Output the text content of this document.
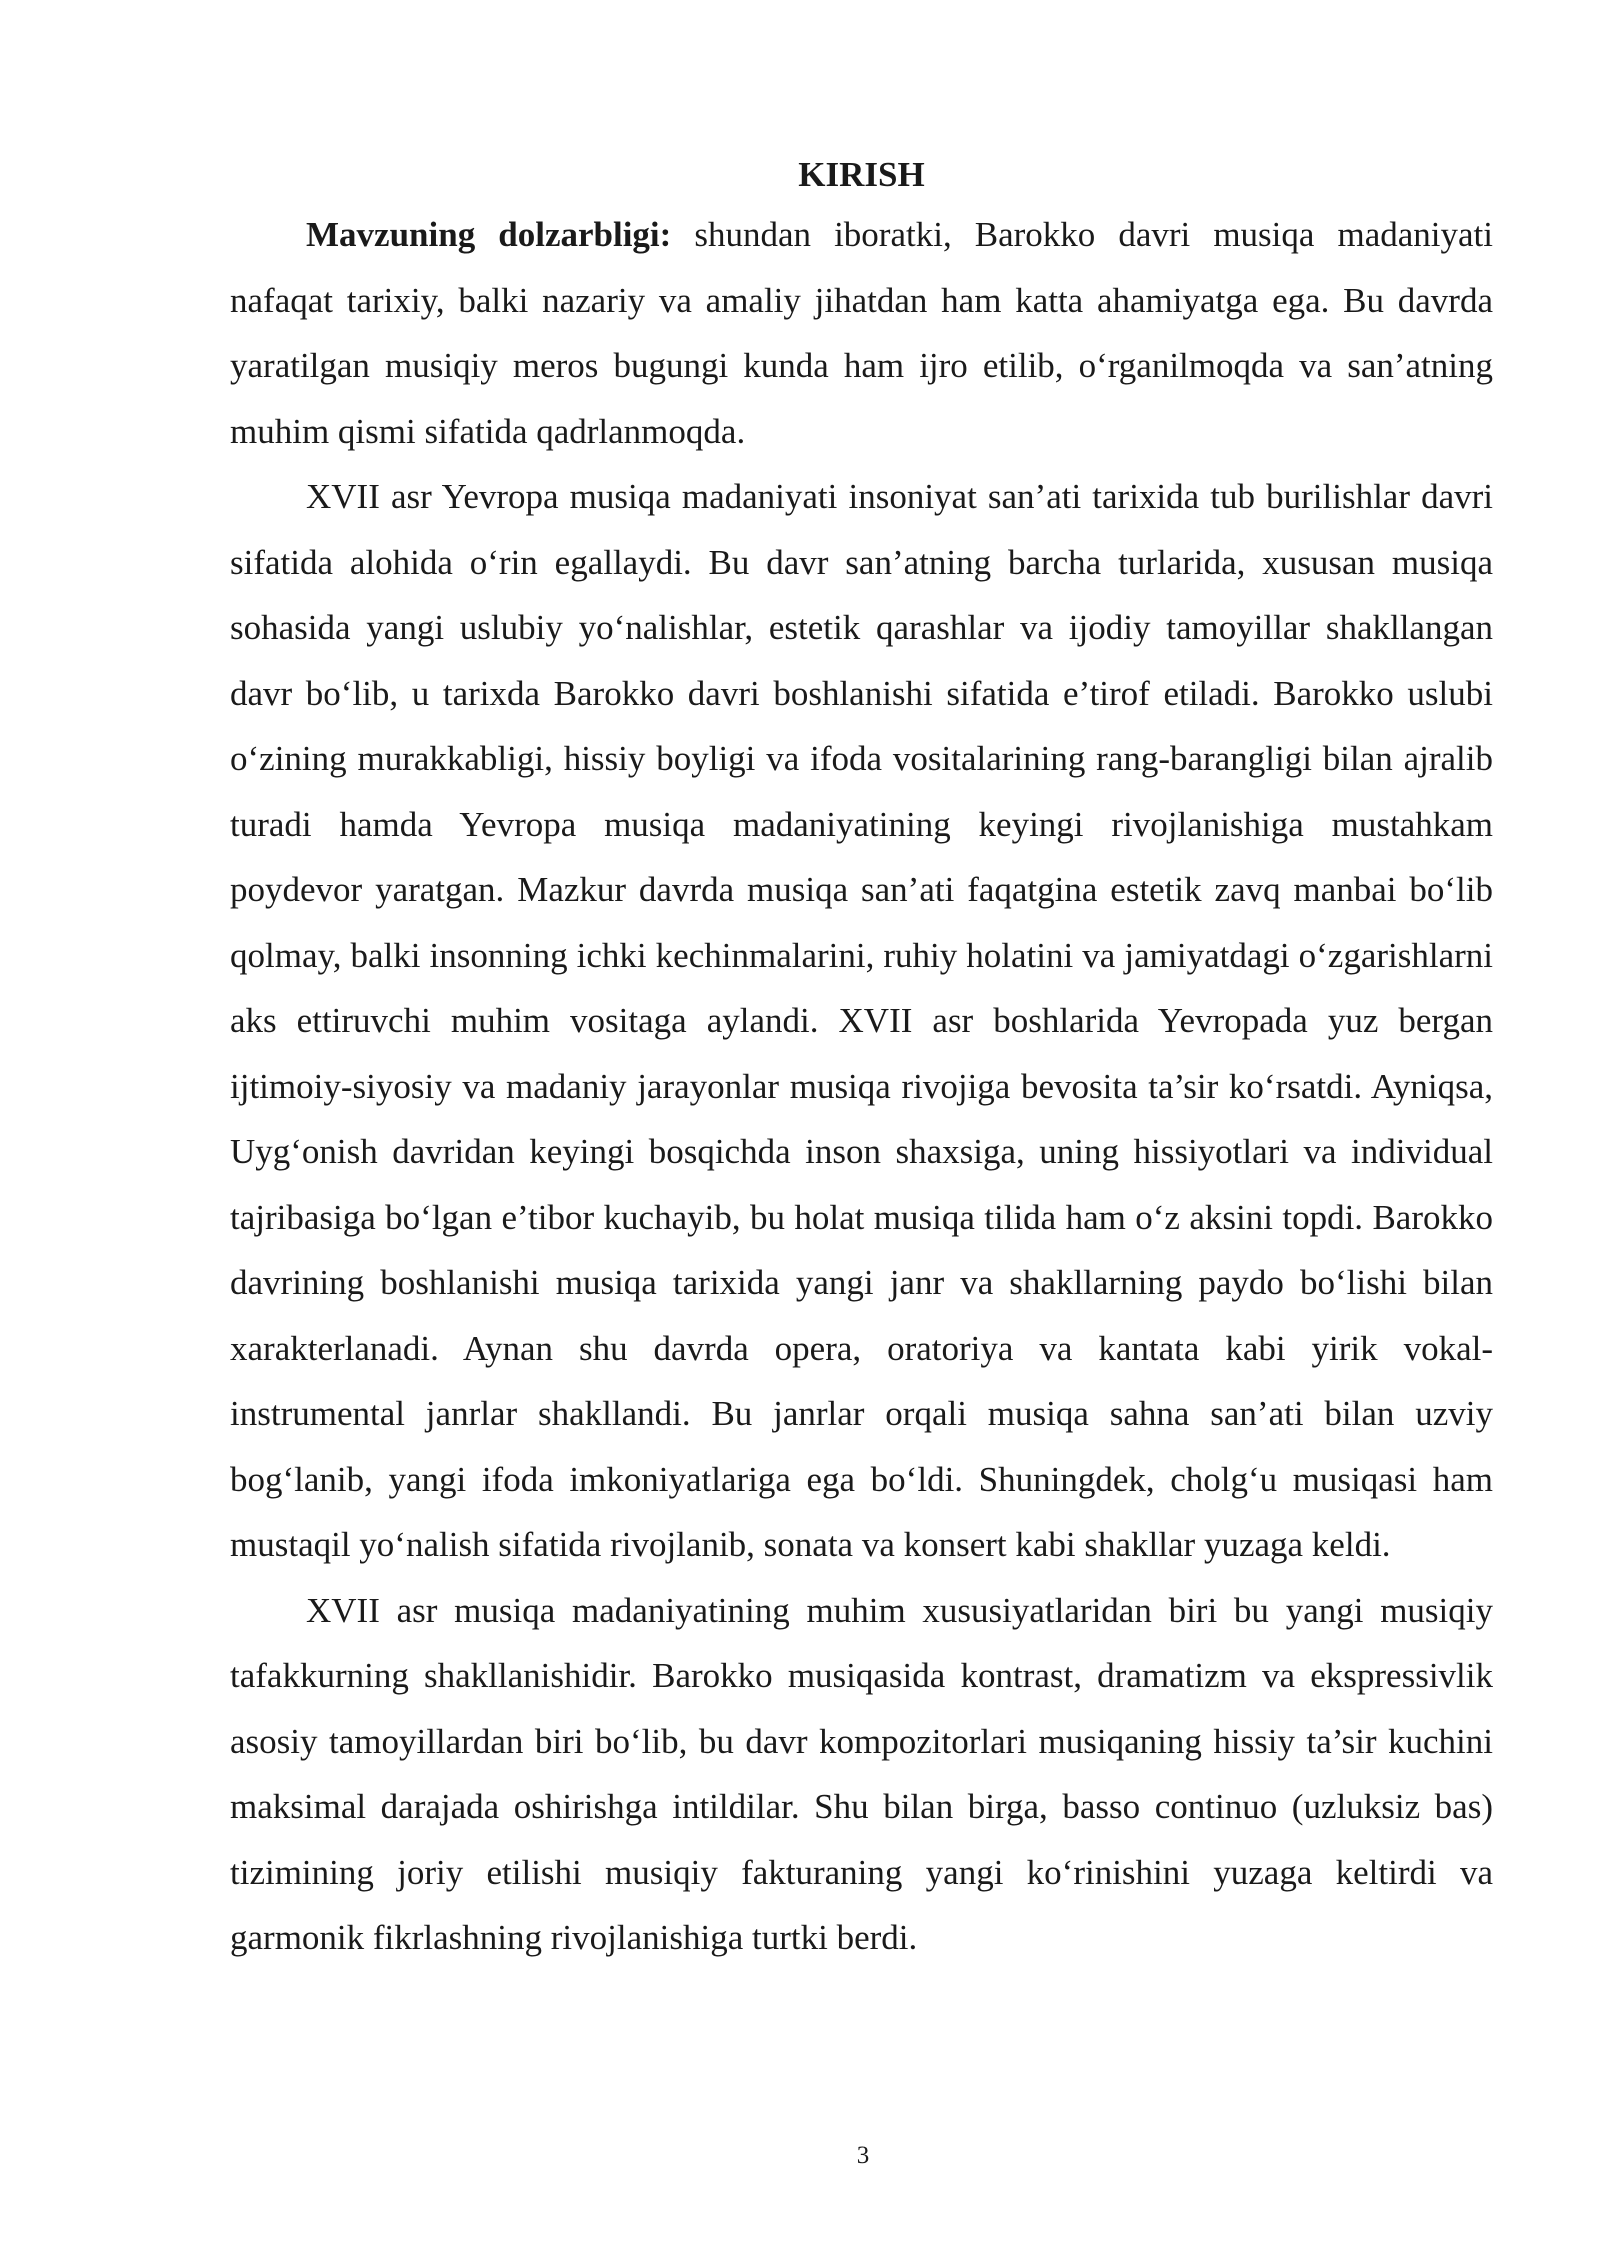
KIRISH

Mavzuning dolzarbligi: shundan iboratki, Barokko davri musiqa madaniyati nafaqat tarixiy, balki nazariy va amaliy jihatdan ham katta ahamiyatga ega. Bu davrda yaratilgan musiqiy meros bugungi kunda ham ijro etilib, o‘rganilmoqda va san’atning muhim qismi sifatida qadrlanmoqda.

XVII asr Yevropa musiqa madaniyati insoniyat san’ati tarixida tub burilishlar davri sifatida alohida o‘rin egallaydi. Bu davr san’atning barcha turlarida, xususan musiqa sohasida yangi uslubiy yo‘nalishlar, estetik qarashlar va ijodiy tamoyillar shakllangan davr bo‘lib, u tarixda Barokko davri boshlanishi sifatida e’tirof etiladi. Barokko uslubi o‘zining murakkabligi, hissiy boyligi va ifoda vositalarining rang-barangligi bilan ajralib turadi hamda Yevropa musiqa madaniyatining keyingi rivojlanishiga mustahkam poydevor yaratgan. Mazkur davrda musiqa san’ati faqatgina estetik zavq manbai bo‘lib qolmay, balki insonning ichki kechinmalarini, ruhiy holatini va jamiyatdagi o‘zgarishlarni aks ettiruvchi muhim vositaga aylandi. XVII asr boshlarida Yevropada yuz bergan ijtimoiy-siyosiy va madaniy jarayonlar musiqa rivojiga bevosita ta’sir ko‘rsatdi. Ayniqsa, Uyg‘onish davridan keyingi bosqichda inson shaxsiga, uning hissiyotlari va individual tajribasiga bo‘lgan e’tibor kuchayib, bu holat musiqa tilida ham o‘z aksini topdi. Barokko davrining boshlanishi musiqa tarixida yangi janr va shakllarning paydo bo‘lishi bilan xarakterlanadi. Aynan shu davrda opera, oratoriya va kantata kabi yirik vokal-instrumental janrlar shakllandi. Bu janrlar orqali musiqa sahna san’ati bilan uzviy bog‘lanib, yangi ifoda imkoniyatlariga ega bo‘ldi. Shuningdek, cholg‘u musiqasi ham mustaqil yo‘nalish sifatida rivojlanib, sonata va konsert kabi shakllar yuzaga keldi.

XVII asr musiqa madaniyatining muhim xususiyatlaridan biri bu yangi musiqiy tafakkurning shakllanishidir. Barokko musiqasida kontrast, dramatizm va ekspressivlik asosiy tamoyillardan biri bo‘lib, bu davr kompozitorlari musiqaning hissiy ta’sir kuchini maksimal darajada oshirishga intildilar. Shu bilan birga, basso continuo (uzluksiz bas) tizimining joriy etilishi musiqiy fakturaning yangi ko‘rinishini yuzaga keltirdi va garmonik fikrlashning rivojlanishiga turtki berdi.

3
